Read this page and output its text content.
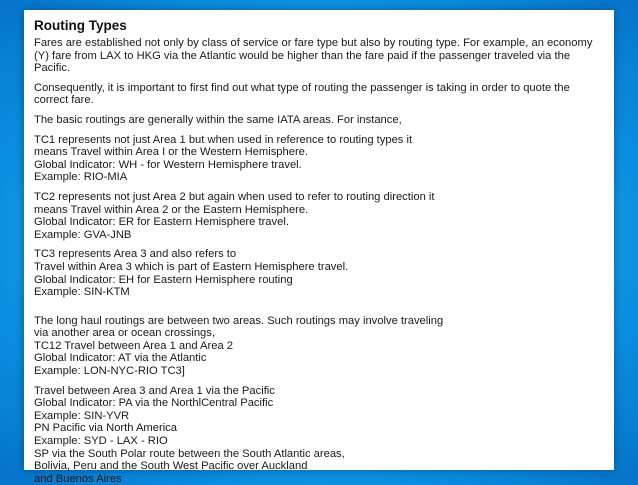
Routing Types
Fares are established not only by class of service or fare type but also by routing type. For example, an economy (Y) fare from LAX to HKG via the Atlantic would be higher than the fare paid if the passenger traveled via the Pacific.
Consequently, it is important to first find out what type of routing the passenger is taking in order to quote the correct fare.
The basic routings are generally within the same IATA areas. For instance,
TC1 represents not just Area 1 but when used in reference to routing types it
means Travel within Area I or the Western Hemisphere.
Global Indicator: WH - for Western Hemisphere travel.
Example: RIO-MIA
TC2 represents not just Area 2 but again when used to refer to routing direction it
means Travel within Area 2 or the Eastern Hemisphere.
Global Indicator: ER for Eastern Hemisphere travel.
Example: GVA-JNB
TC3 represents Area 3 and also refers to
Travel within Area 3 which is part of Eastern Hemisphere travel.
Global Indicator: EH for Eastern Hemisphere routing
Example: SIN-KTM
The long haul routings are between two areas. Such routings may involve traveling
via another area or ocean crossings,
TC12 Travel between Area 1 and Area 2
Global Indicator: AT via the Atlantic
Example: LON-NYC-RIO TC3]
Travel between Area 3 and Area 1 via the Pacific
Global Indicator: PA via the NorthlCentral Pacific
Example: SIN-YVR
PN Pacific via North America
Example: SYD - LAX - RIO
SP via the South Polar route between the South Atlantic areas,
Bolivia, Peru and the South West Pacific over Auckland
and Buenos Aires
